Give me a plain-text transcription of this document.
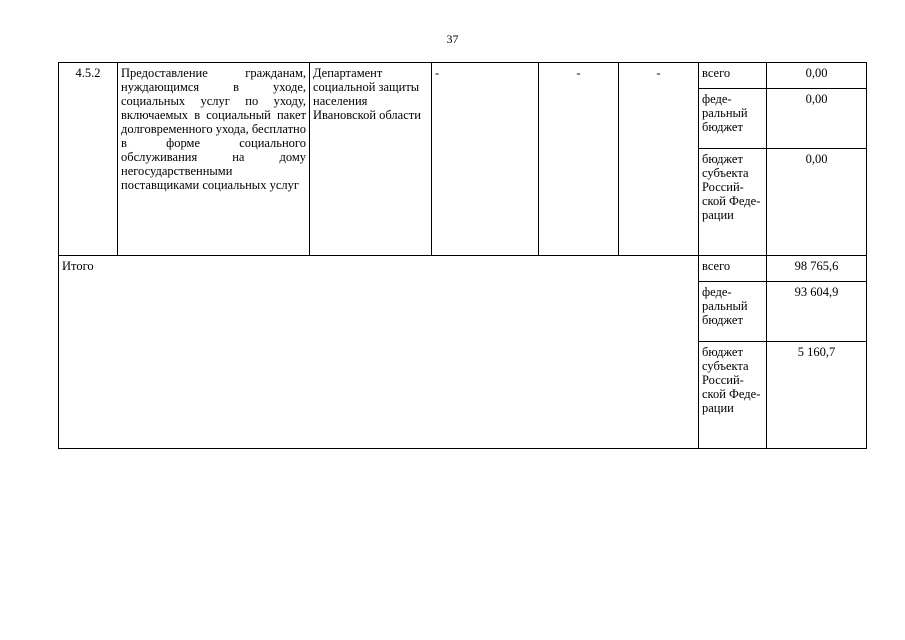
37
4.5.2	Предоставление гражданам, нуждающимся в уходе, социальных услуг по уходу, включаемых в социальный пакет долговременного ухода, бесплатно в форме социального обслуживания на дому негосударственными поставщиками социальных услуг	Департамент социальной защиты населения Ивановской области	-	-	-	всего	0,00
						феде-ральный бюджет	0,00
						бюджет субъекта Россий-ской Феде-рации	0,00
Итого						всего	98 765,6
						феде-ральный бюджет	93 604,9
						бюджет субъекта Россий-ской Феде-рации	5 160,7
